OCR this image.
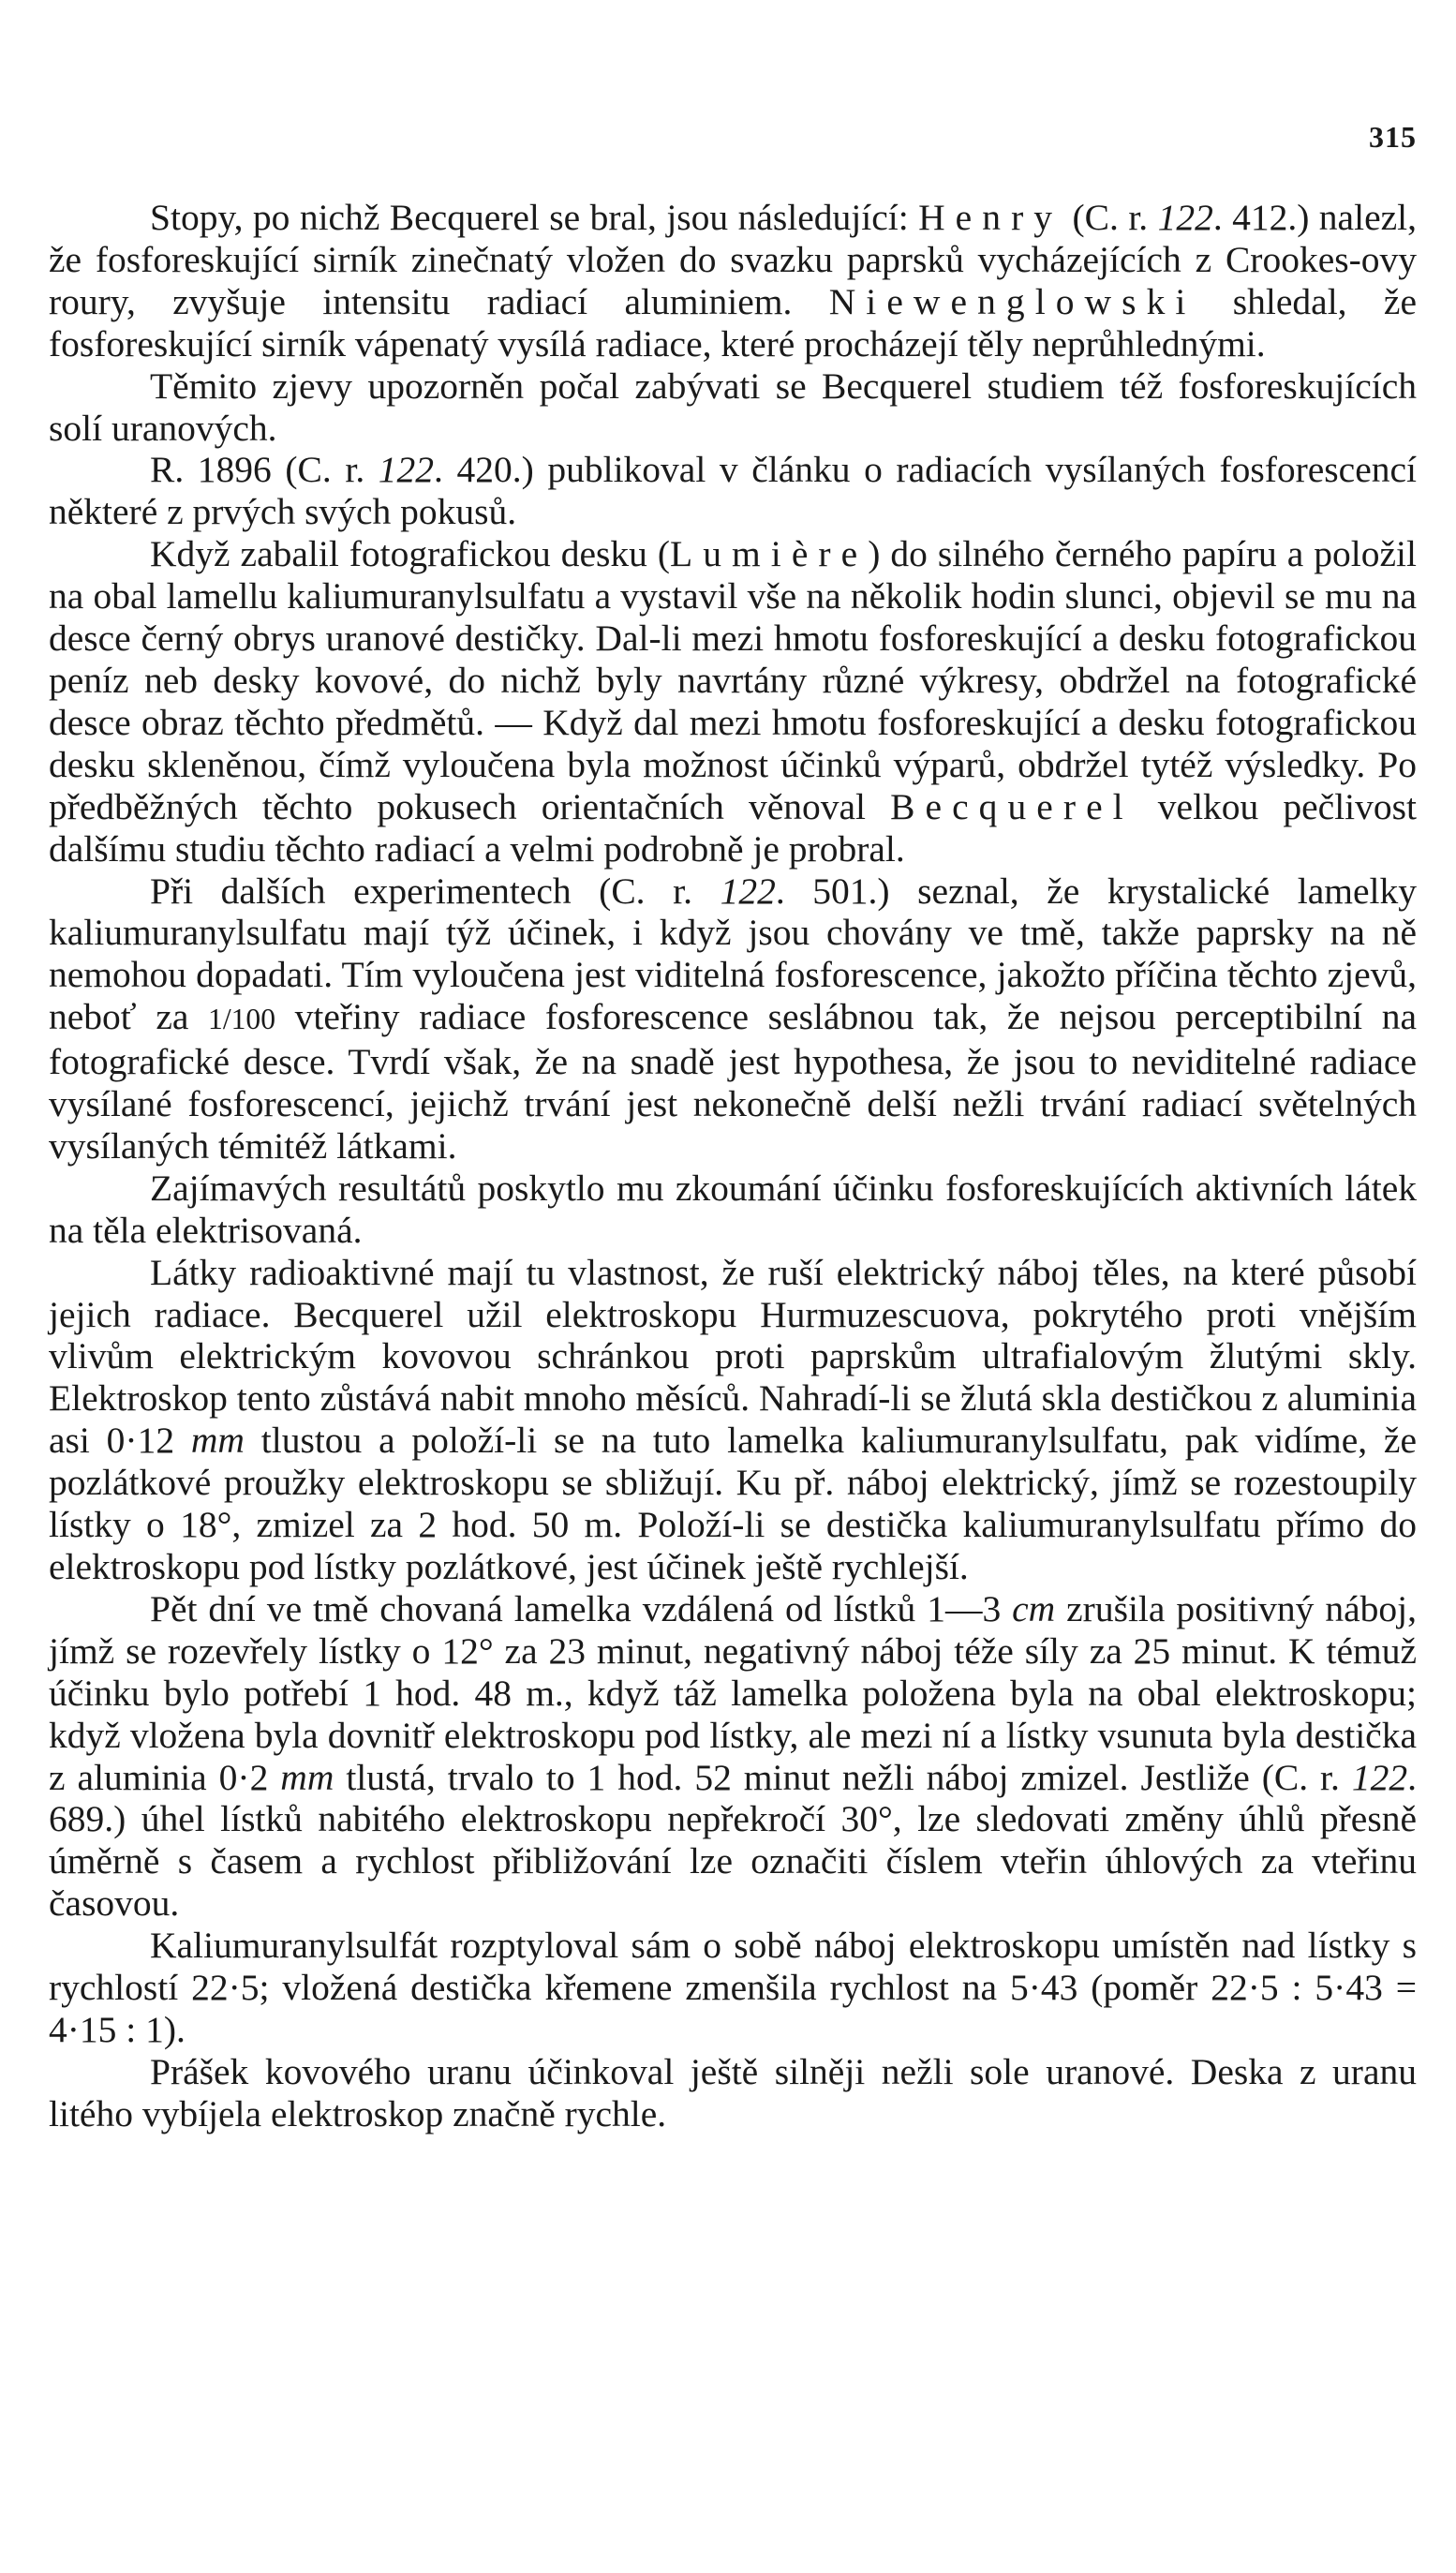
315

Stopy, po nichž Becquerel se bral, jsou následující: Henry (C. r. 122. 412.) nalezl, že fosforeskující sirník zinečnatý vložen do svazku paprsků vycházejících z Crookes-ovy roury, zvyšuje intensitu radiací aluminiem. Niewenglowski shledal, že fosforeskující sirník vápenatý vysílá radiace, které procházejí těly neprůhlednými.

Těmito zjevy upozorněn počal zabývati se Becquerel studiem též fosforeskujících solí uranových.

R. 1896 (C. r. 122. 420.) publikoval v článku o radiacích vysílaných fosforescencí některé z prvých svých pokusů.

Když zabalil fotografickou desku (Lumière) do silného černého papíru a položil na obal lamellu kaliumuranylsulfatu a vystavil vše na několik hodin slunci, objevil se mu na desce černý obrys uranové destičky. Dal-li mezi hmotu fosforeskující a desku fotografickou peníz neb desky kovové, do nichž byly navrtány různé výkresy, obdržel na fotografické desce obraz těchto předmětů. — Když dal mezi hmotu fosforeskující a desku fotografickou desku skleněnou, čímž vyloučena byla možnost účinků výparů, obdržel tytéž výsledky. Po předběžných těchto pokusech orientačních věnoval Becquerel velkou pečlivost dalšímu studiu těchto radiací a velmi podrobně je probral.

Při dalších experimentech (C. r. 122. 501.) seznal, že krystalické lamelky kaliumuranylsulfatu mají týž účinek, i když jsou chovány ve tmě, takže paprsky na ně nemohou dopadati. Tím vyloučena jest viditelná fosforescence, jakožto příčina těchto zjevů, neboť za 1/100 vteřiny radiace fosforescence seslábnou tak, že nejsou perceptibilní na fotografické desce. Tvrdí však, že na snadě jest hypothesa, že jsou to neviditelné radiace vysílané fosforescencí, jejichž trvání jest nekonečně delší nežli trvání radiací světelných vysílaných témitéž látkami.

Zajímavých resultátů poskytlo mu zkoumání účinku fosforeskujících aktivních látek na těla elektrisovaná.

Látky radioaktivné mají tu vlastnost, že ruší elektrický náboj těles, na které působí jejich radiace. Becquerel užil elektroskopu Hurmuzescuova, pokrytého proti vnějším vlivům elektrickým kovovou schránkou proti paprskům ultrafialovým žlutými skly. Elektroskop tento zůstává nabit mnoho měsíců. Nahradí-li se žlutá skla destičkou z aluminia asi 0·12 mm tlustou a položí-li se na tuto lamelka kaliumuranylsulfatu, pak vidíme, že pozlátkové proužky elektroskopu se sbližují. Ku př. náboj elektrický, jímž se rozestoupily lístky o 18°, zmizel za 2 hod. 50 m. Položí-li se destička kaliumuranylsulfatu přímo do elektroskopu pod lístky pozlátkové, jest účinek ještě rychlejší.

Pět dní ve tmě chovaná lamelka vzdálená od lístků 1—3 cm zrušila positivný náboj, jímž se rozevřely lístky o 12° za 23 minut, negativný náboj téže síly za 25 minut. K témuž účinku bylo potřebí 1 hod. 48 m., když táž lamelka položena byla na obal elektroskopu; když vložena byla dovnitř elektroskopu pod lístky, ale mezi ní a lístky vsunuta byla destička z aluminia 0·2 mm tlustá, trvalo to 1 hod. 52 minut nežli náboj zmizel. Jestliže (C. r. 122. 689.) úhel lístků nabitého elektroskopu nepřekročí 30°, lze sledovati změny úhlů přesně úměrně s časem a rychlost přibližování lze označiti číslem vteřin úhlových za vteřinu časovou.

Kaliumuranylsulfát rozptyloval sám o sobě náboj elektroskopu umístěn nad lístky s rychlostí 22·5; vložená destička křemene zmenšila rychlost na 5·43 (poměr 22·5 : 5·43 = 4·15 : 1).

Prášek kovového uranu účinkoval ještě silněji nežli sole uranové. Deska z uranu litého vybíjela elektroskop značně rychle.
